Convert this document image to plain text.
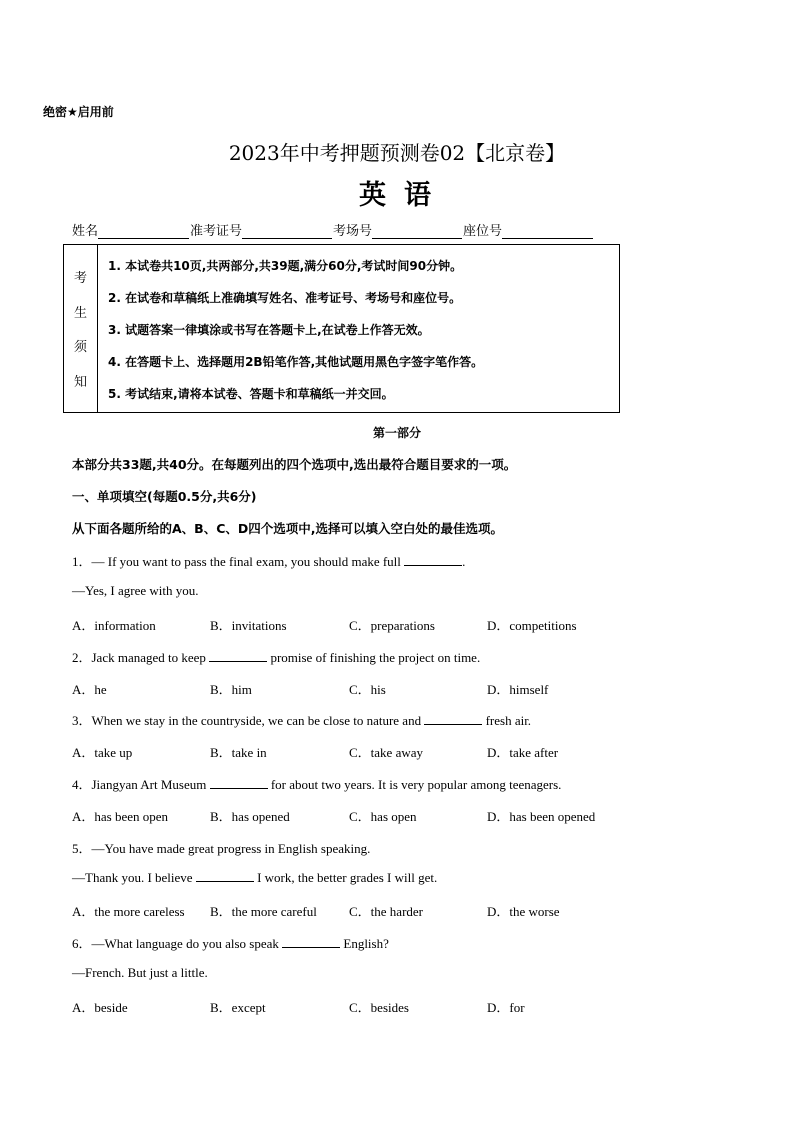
绝密★启用前
2023年中考押题预测卷02【北京卷】
英语
姓名	准考证号	考场号	座位号
考
生
须
知
1. 本试卷共10页,共两部分,共39题,满分60分,考试时间90分钟。
2. 在试卷和草稿纸上准确填写姓名、准考证号、考场号和座位号。
3. 试题答案一律填涂或书写在答题卡上,在试卷上作答无效。
4. 在答题卡上、选择题用2B铅笔作答,其他试题用黑色字签字笔作答。
5. 考试结束,请将本试卷、答题卡和草稿纸一并交回。
第一部分
本部分共33题,共40分。在每题列出的四个选项中,选出最符合题目要求的一项。
一、单项填空(每题0.5分,共6分)
从下面各题所给的A、B、C、D四个选项中,选择可以填入空白处的最佳选项。
1．— If you want to pass the final exam, you should make full	.
—Yes, I agree with you.
A．information	B．invitations	C．preparations	D．competitions
2．Jack managed to keep	promise of finishing the project on time.
A．he	B．him	C．his	D．himself
3．When we stay in the countryside, we can be close to nature and	fresh air.
A．take up	B．take in	C．take away	D．take after
4．Jiangyan Art Museum	for about two years. It is very popular among teenagers.
A．has been open	B．has opened	C．has open	D．has been opened
5．—You have made great progress in English speaking.
—Thank you. I believe	I work, the better grades I will get.
A．the more careless B．the more careful C．the harder	D．the worse
6．—What language do you also speak	English?
—French. But just a little.
A．beside	B．except	C．besides	D．for
